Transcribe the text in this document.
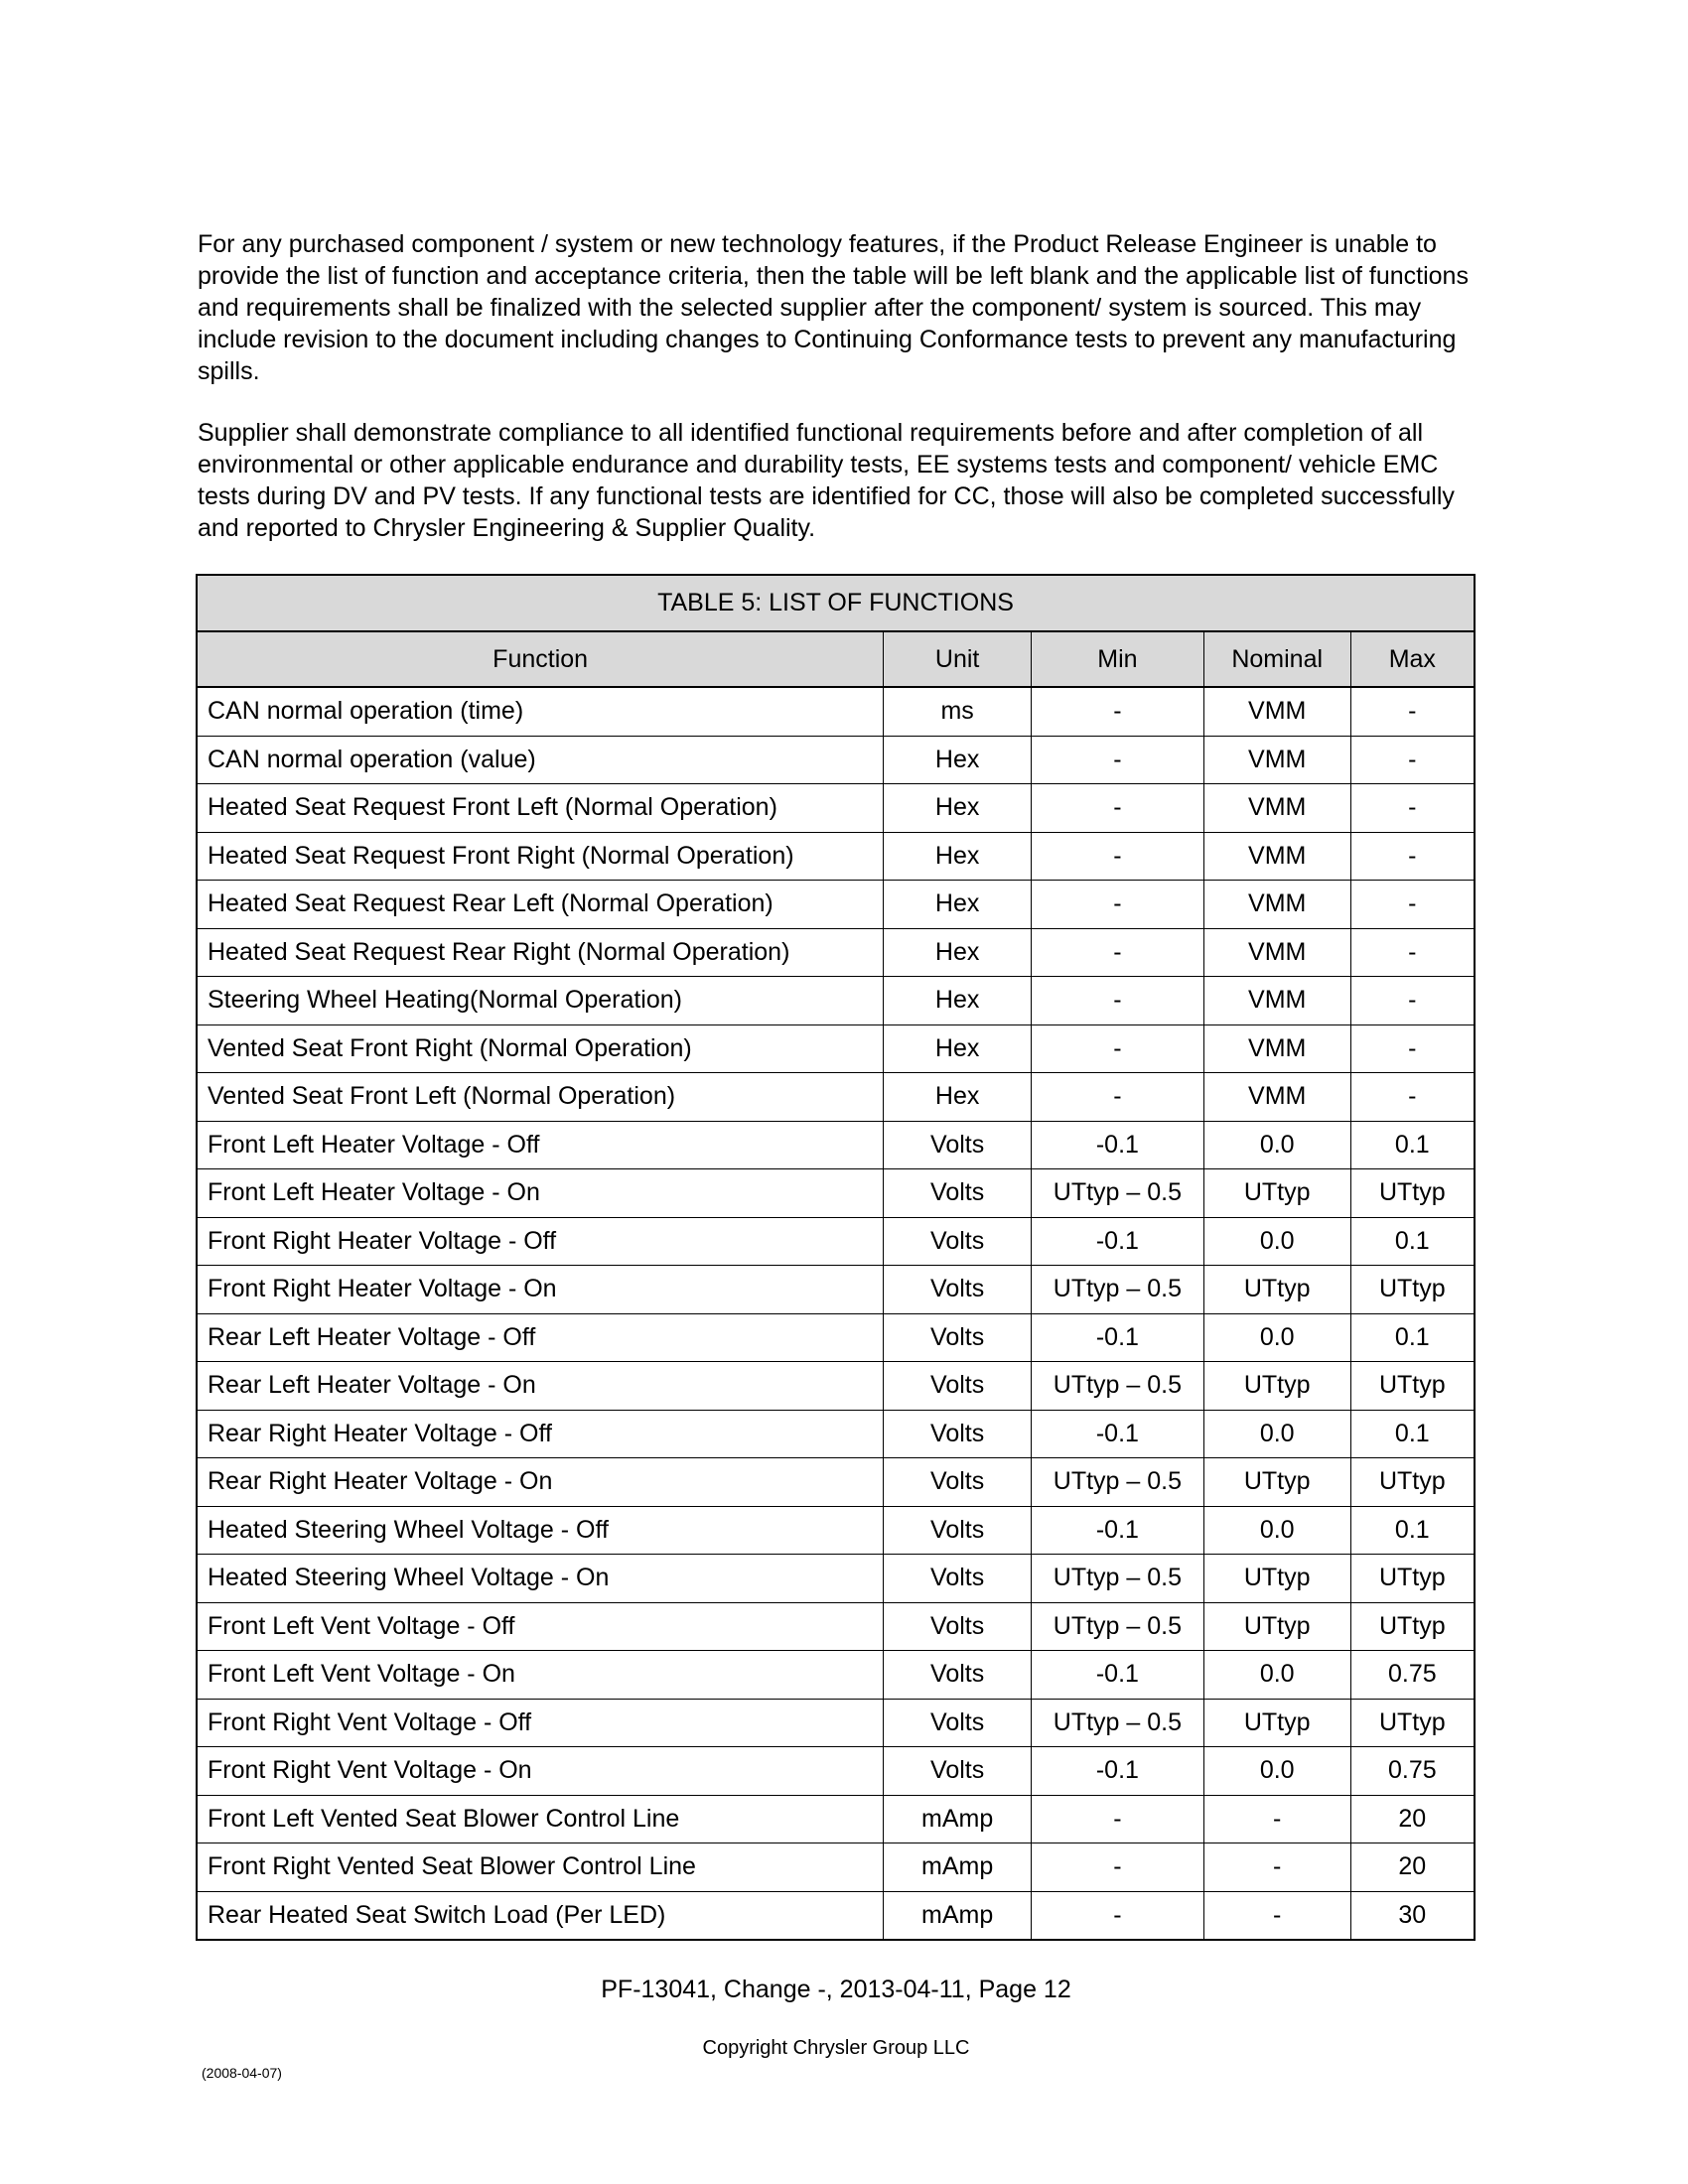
For any purchased component / system or new technology features, if the Product Release Engineer is unable to provide the list of function and acceptance criteria, then the table will be left blank and the applicable list of functions and requirements shall be finalized with the selected supplier after the component/ system is sourced. This may include revision to the document including changes to Continuing Conformance tests to prevent any manufacturing spills.
Supplier shall demonstrate compliance to all identified functional requirements before and after completion of all environmental or other applicable endurance and durability tests, EE systems tests and component/ vehicle EMC tests during DV and PV tests. If any functional tests are identified for CC, those will also be completed successfully and reported to Chrysler Engineering & Supplier Quality.
TABLE 5: LIST OF FUNCTIONS				
Function	Unit	Min	Nominal	Max
CAN normal operation (time)	ms	-	VMM	-
CAN normal operation (value)	Hex	-	VMM	-
Heated Seat Request Front Left (Normal Operation)	Hex	-	VMM	-
Heated Seat Request Front Right (Normal Operation)	Hex	-	VMM	-
Heated Seat Request Rear Left (Normal Operation)	Hex	-	VMM	-
Heated Seat Request Rear Right (Normal Operation)	Hex	-	VMM	-
Steering Wheel Heating(Normal Operation)	Hex	-	VMM	-
Vented Seat Front Right (Normal Operation)	Hex	-	VMM	-
Vented Seat Front Left (Normal Operation)	Hex	-	VMM	-
Front Left Heater Voltage - Off	Volts	-0.1	0.0	0.1
Front Left Heater Voltage - On	Volts	UTtyp – 0.5	UTtyp	UTtyp
Front Right Heater Voltage - Off	Volts	-0.1	0.0	0.1
Front Right Heater Voltage - On	Volts	UTtyp – 0.5	UTtyp	UTtyp
Rear Left Heater Voltage - Off	Volts	-0.1	0.0	0.1
Rear Left Heater Voltage - On	Volts	UTtyp – 0.5	UTtyp	UTtyp
Rear Right Heater Voltage - Off	Volts	-0.1	0.0	0.1
Rear Right Heater Voltage - On	Volts	UTtyp – 0.5	UTtyp	UTtyp
Heated Steering Wheel Voltage - Off	Volts	-0.1	0.0	0.1
Heated Steering Wheel Voltage - On	Volts	UTtyp – 0.5	UTtyp	UTtyp
Front Left Vent Voltage - Off	Volts	UTtyp – 0.5	UTtyp	UTtyp
Front Left Vent Voltage - On	Volts	-0.1	0.0	0.75
Front Right Vent Voltage - Off	Volts	UTtyp – 0.5	UTtyp	UTtyp
Front Right Vent Voltage - On	Volts	-0.1	0.0	0.75
Front Left Vented Seat Blower Control Line	mAmp	-	-	20
Front Right Vented Seat Blower Control Line	mAmp	-	-	20
Rear Heated Seat Switch Load (Per LED)	mAmp	-	-	30
PF-13041, Change -, 2013-04-11, Page 12
Copyright Chrysler Group LLC
(2008-04-07)
